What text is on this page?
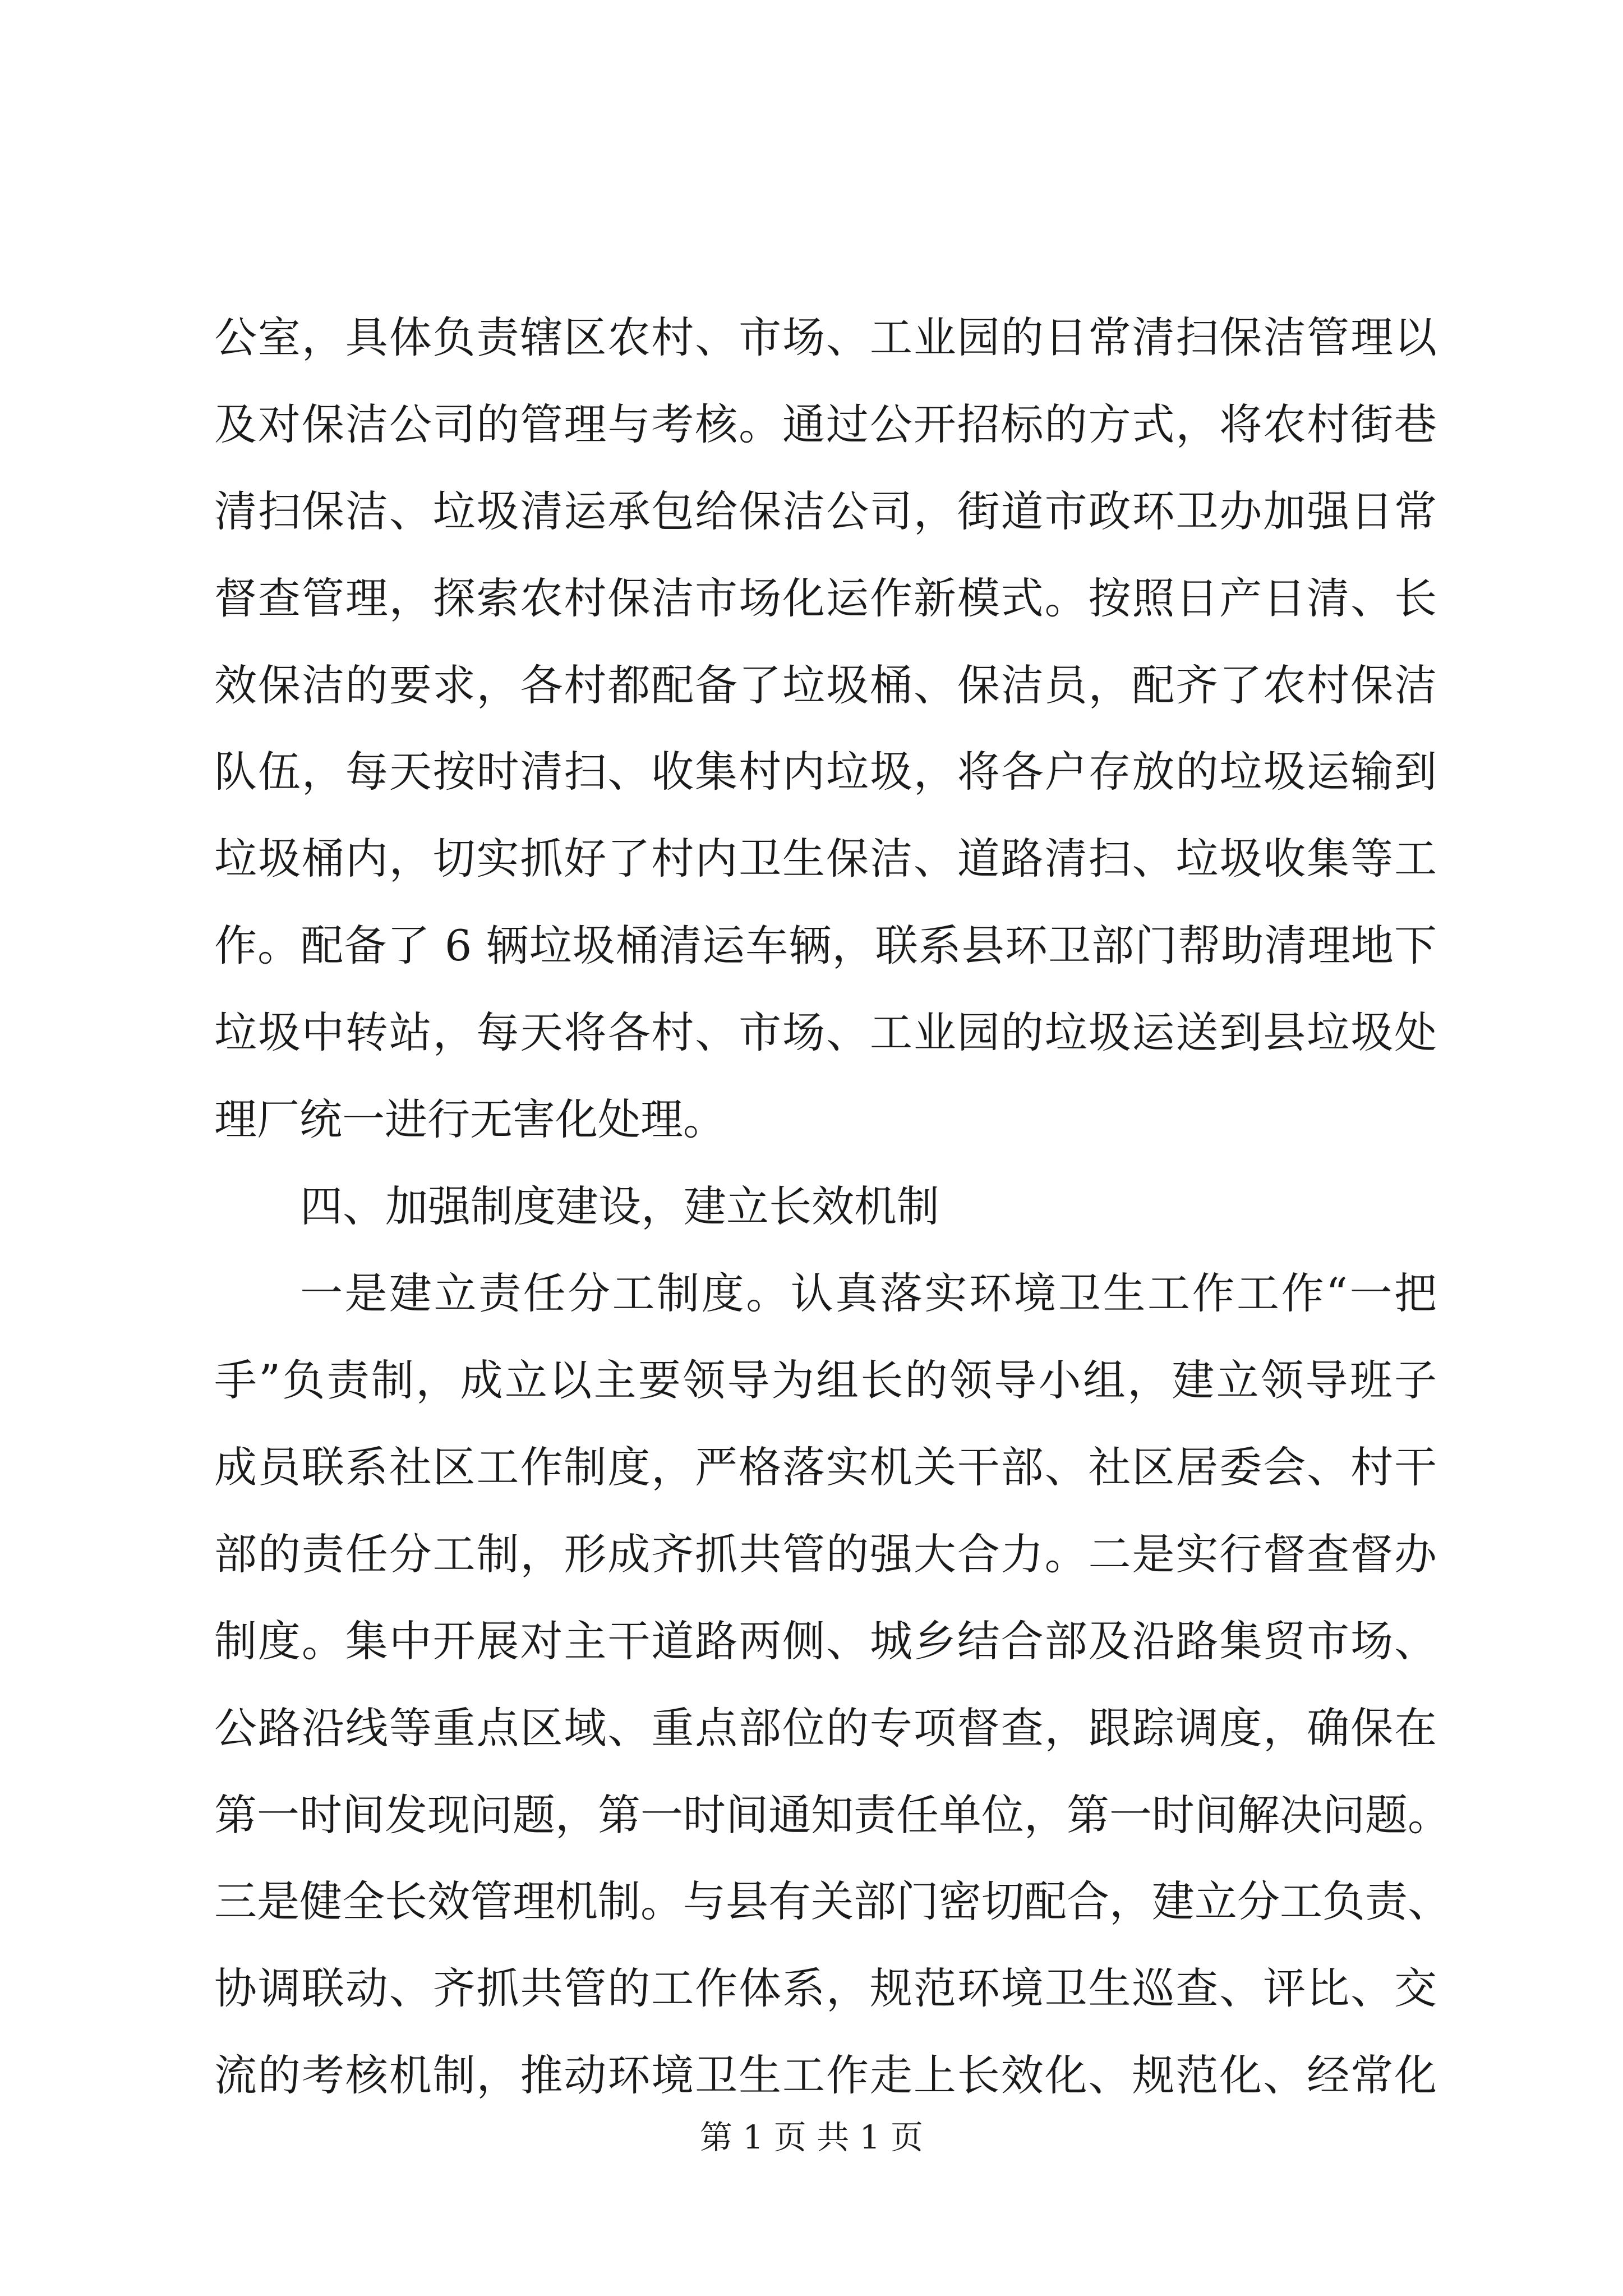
公室，具体负责辖区农村、市场、工业园的日常清扫保洁管理以
及对保洁公司的管理与考核。通过公开招标的方式，将农村街巷
清扫保洁、垃圾清运承包给保洁公司，街道市政环卫办加强日常
督查管理，探索农村保洁市场化运作新模式。按照日产日清、长
效保洁的要求，各村都配备了垃圾桶、保洁员，配齐了农村保洁
队伍，每天按时清扫、收集村内垃圾，将各户存放的垃圾运输到
垃圾桶内，切实抓好了村内卫生保洁、道路清扫、垃圾收集等工
作。配备了 6 辆垃圾桶清运车辆，联系县环卫部门帮助清理地下
垃圾中转站，每天将各村、市场、工业园的垃圾运送到县垃圾处
理厂统一进行无害化处理。
四、加强制度建设，建立长效机制
一是建立责任分工制度。认真落实环境卫生工作工作“一把
手”负责制，成立以主要领导为组长的领导小组，建立领导班子
成员联系社区工作制度，严格落实机关干部、社区居委会、村干
部的责任分工制，形成齐抓共管的强大合力。二是实行督查督办
制度。集中开展对主干道路两侧、城乡结合部及沿路集贸市场、
公路沿线等重点区域、重点部位的专项督查，跟踪调度，确保在
第一时间发现问题，第一时间通知责任单位，第一时间解决问题。
三是健全长效管理机制。与县有关部门密切配合，建立分工负责、
协调联动、齐抓共管的工作体系，规范环境卫生巡查、评比、交
流的考核机制，推动环境卫生工作走上长效化、规范化、经常化
第 1 页 共 1 页
